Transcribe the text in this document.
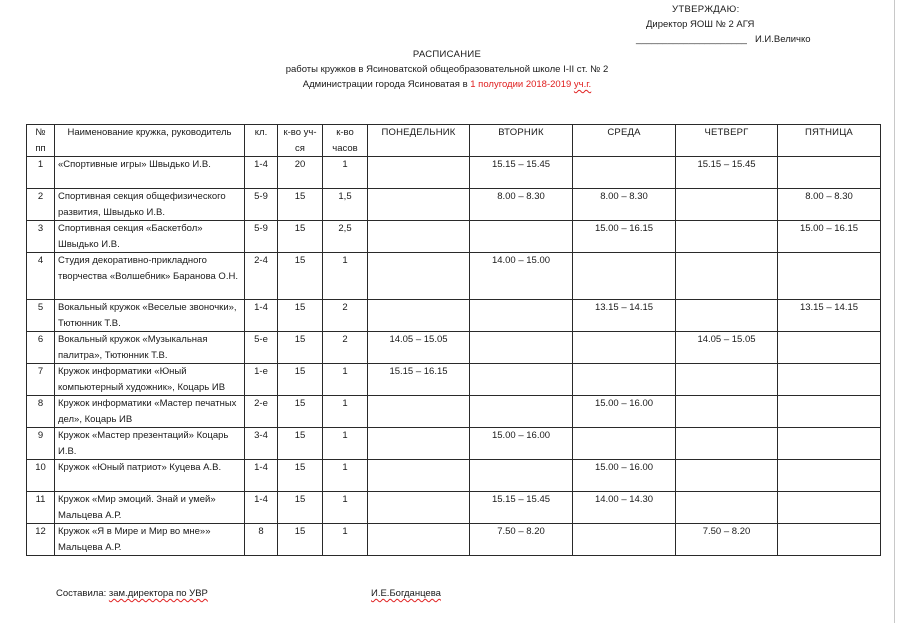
УТВЕРЖДАЮ:
Директор ЯОШ № 2 АГЯ
_____________________ И.И.Величко
РАСПИСАНИЕ
работы кружков в Ясиноватской общеобразовательной школе I-II ст. № 2
Администрации города Ясиноватая в 1 полугодии 2018-2019 уч.г.
№ пп	Наименование кружка, руководитель	кл.	к-во уч-ся	к-во часов	ПОНЕДЕЛЬНИК	ВТОРНИК	СРЕДА	ЧЕТВЕРГ	ПЯТНИЦА
1	«Спортивные игры» Швыдько И.В.	1-4	20	1		15.15 – 15.45		15.15 – 15.45	
2	Спортивная секция общефизического развития, Швыдько И.В.	5-9	15	1,5		8.00 – 8.30	8.00 – 8.30		8.00 – 8.30
3	Спортивная секция «Баскетбол» Швыдько И.В.	5-9	15	2,5			15.00 – 16.15		15.00 – 16.15
4	Студия декоративно-прикладного творчества «Волшебник» Баранова О.Н.	2-4	15	1		14.00 – 15.00			
5	Вокальный кружок «Веселые звоночки», Тютюнник Т.В.	1-4	15	2			13.15 – 14.15		13.15 – 14.15
6	Вокальный кружок «Музыкальная палитра», Тютюнник Т.В.	5-е	15	2	14.05 – 15.05			14.05 – 15.05	
7	Кружок информатики «Юный компьютерный художник», Коцарь ИВ	1-е	15	1	15.15 – 16.15				
8	Кружок информатики «Мастер печатных дел», Коцарь ИВ	2-е	15	1			15.00 – 16.00		
9	Кружок «Мастер презентаций» Коцарь И.В.	3-4	15	1		15.00 – 16.00			
10	Кружок «Юный патриот» Куцева А.В.	1-4	15	1			15.00 – 16.00		
11	Кружок «Мир эмоций. Знай и умей» Мальцева А.Р.	1-4	15	1		15.15 – 15.45	14.00 – 14.30		
12	Кружок «Я в Мире и Мир во мне»» Мальцева А.Р.	8	15	1		7.50 – 8.20		7.50 – 8.20	
Составила: зам.директора по УВР	И.Е.Богданцева
